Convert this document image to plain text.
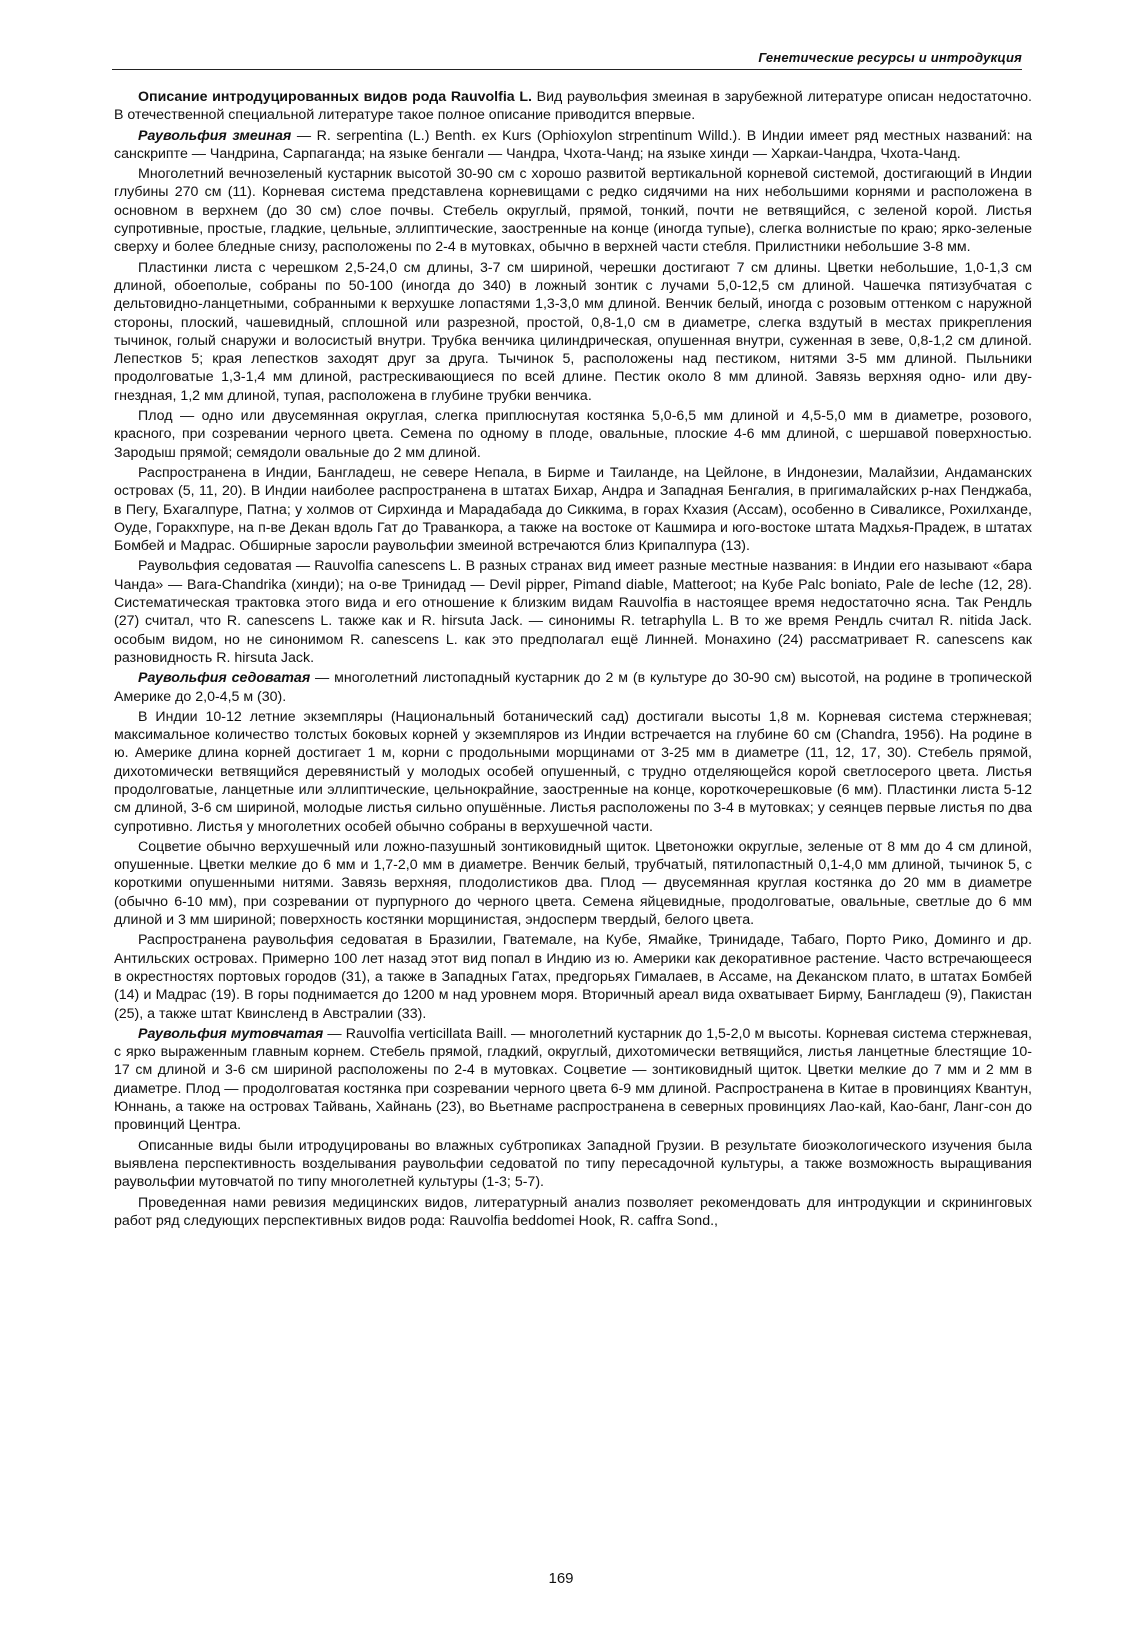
Генетические ресурсы и интродукция

Описание интродуцированных видов рода Rauvolfia L. Вид раувольфия змеиная в зарубежной литературе описан недостаточно. В отечественной специальной литературе такое полное описание приводится впервые.

Раувольфия змеиная — R. serpentina (L.) Benth. ex Kurs (Ophioxylon strpentinum Willd.). В Индии имеет ряд местных названий: на санскрипте — Чандрина, Сарпаганда; на языке бенгали — Чандра, Чхота-Чанд; на языке хинди — Харкаи-Чандра, Чхота-Чанд.

Многолетний вечнозеленый кустарник высотой 30-90 см с хорошо развитой вертикальной корневой системой, достигающий в Индии глубины 270 см (11). Корневая система представлена корневищами с редко сидячими на них небольшими корнями и расположена в основном в верхнем (до 30 см) слое почвы. Стебель округлый, прямой, тонкий, почти не ветвящийся, с зеленой корой. Листья супротивные, простые, гладкие, цельные, эллиптические, заостренные на конце (иногда тупые), слегка волнистые по краю; ярко-зеленые сверху и более бледные снизу, расположены по 2-4 в мутовках, обычно в верхней части стебля. Прилистники небольшие 3-8 мм.

Пластинки листа с черешком 2,5-24,0 см длины, 3-7 см шириной, черешки достигают 7 см длины. Цветки небольшие, 1,0-1,3 см длиной, обоеполые, собраны по 50-100 (иногда до 340) в ложный зонтик с лучами 5,0-12,5 см длиной. Чашечка пятизубчатая с дельтовидно-ланцетными, собранными к верхушке лопастями 1,3-3,0 мм длиной. Венчик белый, иногда с розовым оттенком с наружной стороны, плоский, чашевидный, сплошной или разрезной, простой, 0,8-1,0 см в диаметре, слегка вздутый в местах прикрепления тычинок, голый снаружи и волосистый внутри. Трубка венчика цилиндрическая, опушенная внутри, суженная в зеве, 0,8-1,2 см длиной. Лепестков 5; края лепестков заходят друг за друга. Тычинок 5, расположены над пестиком, нитями 3-5 мм длиной. Пыльники продолговатые 1,3-1,4 мм длиной, растрескивающиеся по всей длине. Пестик около 8 мм длиной. Завязь верхняя одно- или дву-гнездная, 1,2 мм длиной, тупая, расположена в глубине трубки венчика.

Плод — одно или двусемянная округлая, слегка приплюснутая костянка 5,0-6,5 мм длиной и 4,5-5,0 мм в диаметре, розового, красного, при созревании черного цвета. Семена по одному в плоде, овальные, плоские 4-6 мм длиной, с шершавой поверхностью. Зародыш прямой; семядоли овальные до 2 мм длиной.

Распространена в Индии, Бангладеш, не севере Непала, в Бирме и Таиланде, на Цейлоне, в Индонезии, Малайзии, Андаманских островах (5, 11, 20). В Индии наиболее распространена в штатах Бихар, Андра и Западная Бенгалия, в пригималайских р-нах Пенджаба, в Пегу, Бхагалпуре, Патна; у холмов от Сирхинда и Марадабада до Сиккима, в горах Кхазия (Ассам), особенно в Сиваликсе, Рохилханде, Оуде, Горакхпуре, на п-ве Декан вдоль Гат до Траванкора, а также на востоке от Кашмира и юго-востоке штата Мадхья-Прадеж, в штатах Бомбей и Мадрас. Обширные заросли раувольфии змеиной встречаются близ Крипалпура (13).

Раувольфия седоватая — Rauvolfia canescens L. В разных странах вид имеет разные местные названия: в Индии его называют «бара Чанда» — Bara-Chandrika (хинди); на о-ве Тринидад — Devil pipper, Pimand diable, Matteroot; на Кубе Palc boniato, Pale de leche (12, 28). Систематическая трактовка этого вида и его отношение к близким видам Rauvolfia в настоящее время недостаточно ясна. Так Рендль (27) считал, что R. canescens L. также как и R. hirsuta Jack. — синонимы R. tetraphylla L. В то же время Рендль считал R. nitida Jack. особым видом, но не синонимом R. canescens L. как это предполагал ещё Линней. Монахино (24) рассматривает R. canescens как разновидность R. hirsuta Jack.

Раувольфия седоватая — многолетний листопадный кустарник до 2 м (в культуре до 30-90 см) высотой, на родине в тропической Америке до 2,0-4,5 м (30).

В Индии 10-12 летние экземпляры (Национальный ботанический сад) достигали высоты 1,8 м. Корневая система стержневая; максимальное количество толстых боковых корней у экземпляров из Индии встречается на глубине 60 см (Chandra, 1956). На родине в ю. Америке длина корней достигает 1 м, корни с продольными морщинами от 3-25 мм в диаметре (11, 12, 17, 30). Стебель прямой, дихотомически ветвящийся деревянистый у молодых особей опушенный, с трудно отделяющейся корой светлосерого цвета. Листья продолговатые, ланцетные или эллиптические, цельнокрайние, заостренные на конце, короткочерешковые (6 мм). Пластинки листа 5-12 см длиной, 3-6 см шириной, молодые листья сильно опушённые. Листья расположены по 3-4 в мутовках; у сеянцев первые листья по два супротивно. Листья у многолетних особей обычно собраны в верхушечной части.

Соцветие обычно верхушечный или ложно-пазушный зонтиковидный щиток. Цветоножки округлые, зеленые от 8 мм до 4 см длиной, опушенные. Цветки мелкие до 6 мм и 1,7-2,0 мм в диаметре. Венчик белый, трубчатый, пятилопастный 0,1-4,0 мм длиной, тычинок 5, с короткими опушенными нитями. Завязь верхняя, плодолистиков два. Плод — двусемянная круглая костянка до 20 мм в диаметре (обычно 6-10 мм), при созревании от пурпурного до черного цвета. Семена яйцевидные, продолговатые, овальные, светлые до 6 мм длиной и 3 мм шириной; поверхность костянки морщинистая, эндосперм твердый, белого цвета.

Распространена раувольфия седоватая в Бразилии, Гватемале, на Кубе, Ямайке, Тринидаде, Табаго, Порто Рико, Доминго и др. Антильских островах. Примерно 100 лет назад этот вид попал в Индию из ю. Америки как декоративное растение. Часто встречающееся в окрестностях портовых городов (31), а также в Западных Гатах, предгорьях Гималаев, в Ассаме, на Деканском плато, в штатах Бомбей (14) и Мадрас (19). В горы поднимается до 1200 м над уровнем моря. Вторичный ареал вида охватывает Бирму, Бангладеш (9), Пакистан (25), а также штат Квинсленд в Австралии (33).

Раувольфия мутовчатая — Rauvolfia verticillata Baill. — многолетний кустарник до 1,5-2,0 м высоты. Корневая система стержневая, с ярко выраженным главным корнем. Стебель прямой, гладкий, округлый, дихотомически ветвящийся, листья ланцетные блестящие 10-17 см длиной и 3-6 см шириной расположены по 2-4 в мутовках. Соцветие — зонтиковидный щиток. Цветки мелкие до 7 мм и 2 мм в диаметре. Плод — продолговатая костянка при созревании черного цвета 6-9 мм длиной. Распространена в Китае в провинциях Квантун, Юннань, а также на островах Тайвань, Хайнань (23), во Вьетнаме распространена в северных провинциях Лао-кай, Као-банг, Ланг-сон до провинций Центра.

Описанные виды были итродуцированы во влажных субтропиках Западной Грузии. В результате биоэкологического изучения была выявлена перспективность возделывания раувольфии седоватой по типу пересадочной культуры, а также возможность выращивания раувольфии мутовчатой по типу многолетней культуры (1-3; 5-7).

Проведенная нами ревизия медицинских видов, литературный анализ позволяет рекомендовать для интродукции и скрининговых работ ряд следующих перспективных видов рода: Rauvolfia beddomei Hook, R. caffra Sond.,

169
